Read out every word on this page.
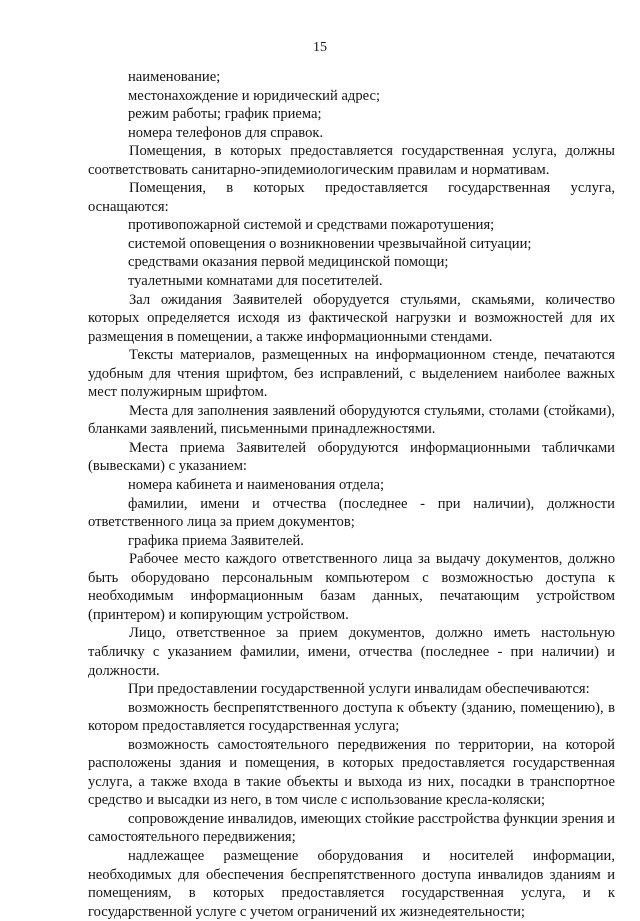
15

наименование;

местонахождение и юридический адрес;

режим работы; график приема;

номера телефонов для справок.

Помещения, в которых предоставляется государственная услуга, должны соответствовать санитарно-эпидемиологическим правилам и нормативам.

Помещения, в которых предоставляется государственная услуга, оснащаются:

противопожарной системой и средствами пожаротушения;

системой оповещения о возникновении чрезвычайной ситуации;

средствами оказания первой медицинской помощи;

туалетными комнатами для посетителей.

Зал ожидания Заявителей оборудуется стульями, скамьями, количество которых определяется исходя из фактической нагрузки и возможностей для их размещения в помещении, а также информационными стендами.

Тексты материалов, размещенных на информационном стенде, печатаются удобным для чтения шрифтом, без исправлений, с выделением наиболее важных мест полужирным шрифтом.

Места для заполнения заявлений оборудуются стульями, столами (стойками), бланками заявлений, письменными принадлежностями.

Места приема Заявителей оборудуются информационными табличками (вывесками) с указанием:

номера кабинета и наименования отдела;

фамилии, имени и отчества (последнее - при наличии), должности ответственного лица за прием документов;

графика приема Заявителей.

Рабочее место каждого ответственного лица за выдачу документов, должно быть оборудовано персональным компьютером с возможностью доступа к необходимым информационным базам данных, печатающим устройством (принтером) и копирующим устройством.

Лицо, ответственное за прием документов, должно иметь настольную табличку с указанием фамилии, имени, отчества (последнее - при наличии) и должности.

При предоставлении государственной услуги инвалидам обеспечиваются:

возможность беспрепятственного доступа к объекту (зданию, помещению), в котором предоставляется государственная услуга;

возможность самостоятельного передвижения по территории, на которой расположены здания и помещения, в которых предоставляется государственная услуга, а также входа в такие объекты и выхода из них, посадки в транспортное средство и высадки из него, в том числе с использование кресла-коляски;

сопровождение инвалидов, имеющих стойкие расстройства функции зрения и самостоятельного передвижения;

надлежащее размещение оборудования и носителей информации, необходимых для обеспечения беспрепятственного доступа инвалидов зданиям и помещениям, в которых предоставляется государственная услуга, и к государственной услуге с учетом ограничений их жизнедеятельности;
